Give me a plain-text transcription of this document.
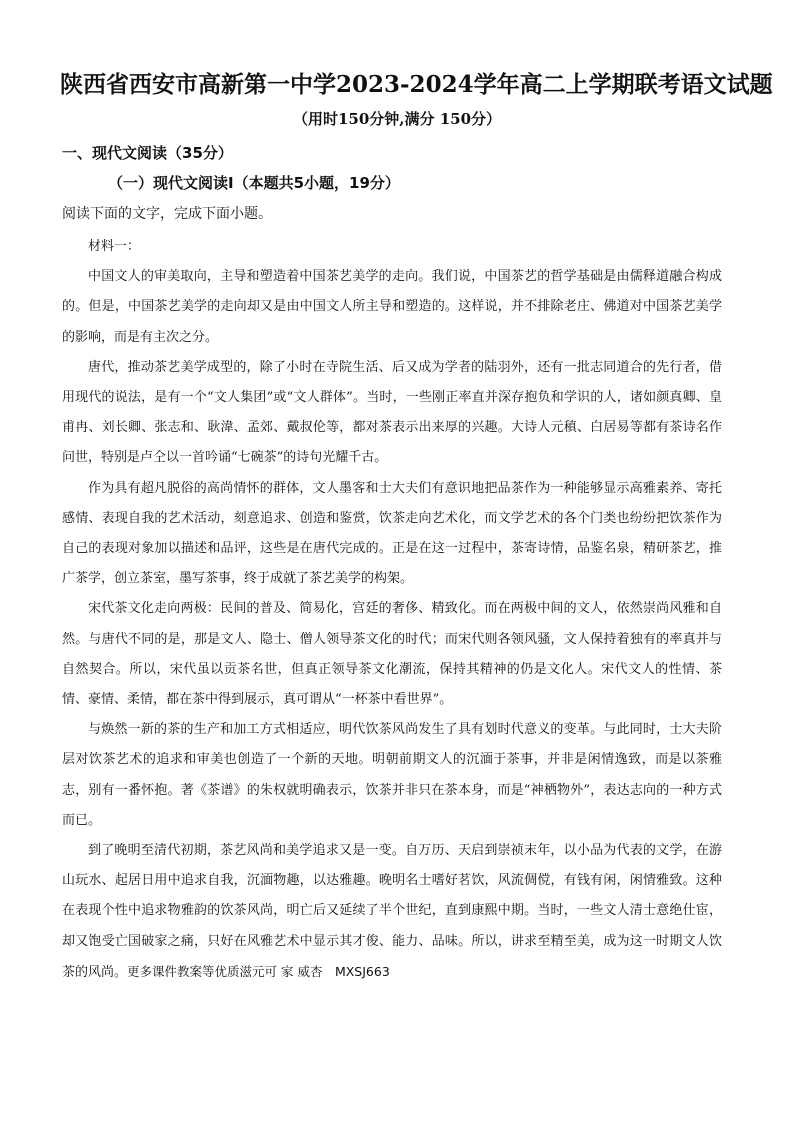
陕西省西安市高新第一中学2023-2024学年高二上学期联考语文试题
（用时150分钟,满分 150分）
一、现代文阅读（35分）
（一）现代文阅读Ⅰ（本题共5小题，19分）
阅读下面的文字，完成下面小题。

材料一：

中国文人的审美取向，主导和塑造着中国茶艺美学的走向。我们说，中国茶艺的哲学基础是由儒释道融合构成的。但是，中国茶艺美学的走向却又是由中国文人所主导和塑造的。这样说，并不排除老庄、佛道对中国茶艺美学的影响，而是有主次之分。

唐代，推动茶艺美学成型的，除了小时在寺院生活、后又成为学者的陆羽外，还有一批志同道合的先行者，借用现代的说法，是有一个“文人集团”或“文人群体”。当时，一些刚正率直并深存抱负和学识的人，诸如颜真卿、皇甫冉、刘长卿、张志和、耿湋、孟郊、戴叔伦等，都对茶表示出来厚的兴趣。大诗人元稹、白居易等都有茶诗名作问世，特别是卢仝以一首吟诵“七碗茶”的诗句光耀千古。

作为具有超凡脱俗的高尚情怀的群体，文人墨客和士大夫们有意识地把品茶作为一种能够显示高雅素养、寄托感情、表现自我的艺术活动，刻意追求、创造和鉴赏，饮茶走向艺术化，而文学艺术的各个门类也纷纷把饮茶作为自己的表现对象加以描述和品评，这些是在唐代完成的。正是在这一过程中，茶寄诗情，品鉴名泉，精研茶艺，推广茶学，创立茶室，墨写茶事，终于成就了茶艺美学的构架。

宋代茶文化走向两极：民间的普及、简易化，宫廷的奢侈、精致化。而在两极中间的文人，依然崇尚风雅和自然。与唐代不同的是，那是文人、隐士、僧人领导茶文化的时代；而宋代则各领风骚，文人保持着独有的率真并与自然契合。所以，宋代虽以贡茶名世，但真正领导茶文化潮流，保持其精神的仍是文化人。宋代文人的性情、茶情、豪情、柔情，都在茶中得到展示，真可谓从“一杯茶中看世界”。

与焕然一新的茶的生产和加工方式相适应，明代饮茶风尚发生了具有划时代意义的变革。与此同时，士大夫阶层对饮茶艺术的追求和审美也创造了一个新的天地。明朝前期文人的沉湎于茶事，并非是闲情逸致，而是以茶雅志，别有一番怀抱。著《茶谱》的朱权就明确表示，饮茶并非只在茶本身，而是“神栖物外”，表达志向的一种方式而已。

到了晚明至清代初期，茶艺风尚和美学追求又是一变。自万历、天启到崇祯末年，以小品为代表的文学，在游山玩水、起居日用中追求自我，沉湎物趣，以达雅趣。晚明名士嗜好茗饮，风流倜傥，有钱有闲，闲情雅致。这种在表现个性中追求物雅韵的饮茶风尚，明亡后又延续了半个世纪，直到康熙中期。当时，一些文人清士意绝仕宦，却又饱受亡国破家之痛，只好在风雅艺术中显示其才俊、能力、品味。所以，讲求至精至美，成为这一时期文人饮茶的风尚。更多课件教案等优质滋元可 家 威杏　MXSJ663
